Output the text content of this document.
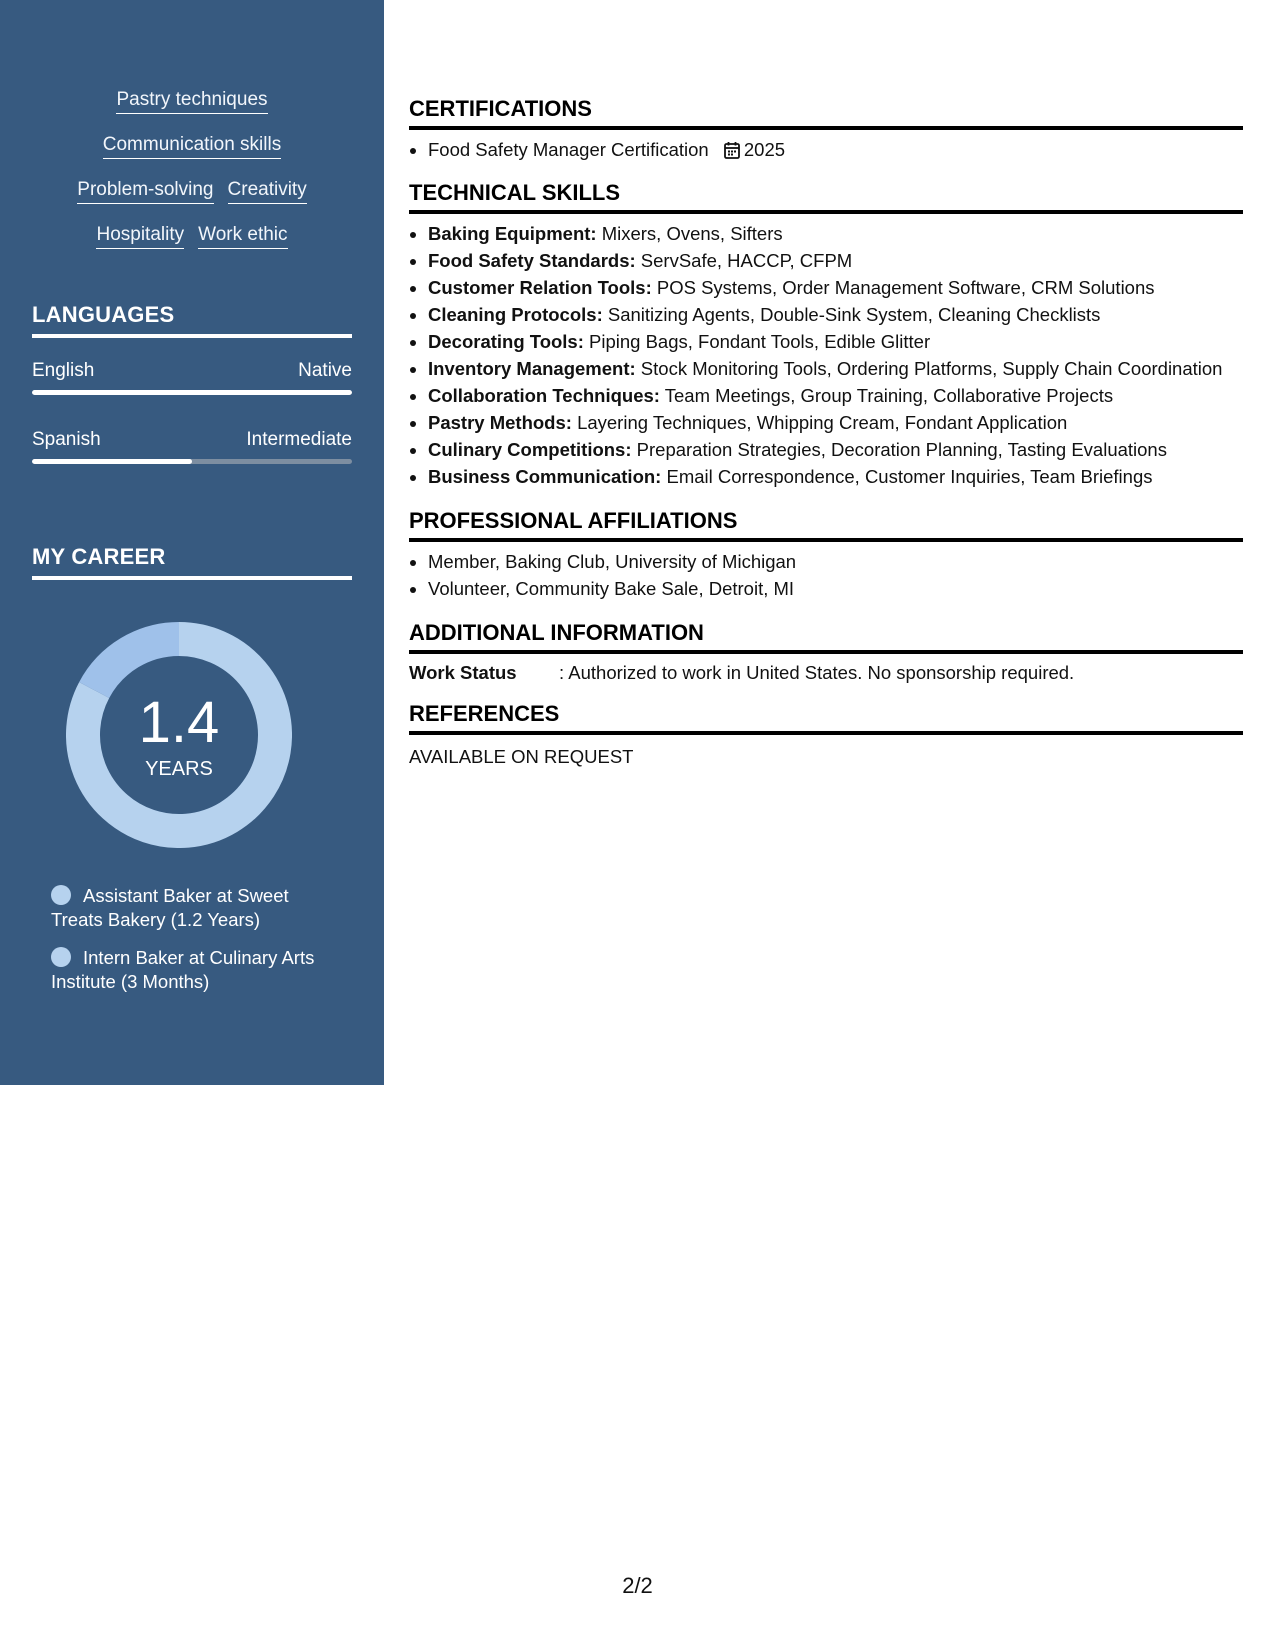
Pastry techniques
Communication skills
Problem-solving Creativity
Hospitality Work ethic
LANGUAGES
English	Native
Spanish	Intermediate
MY CAREER
1.4
YEARS
Assistant Baker at Sweet Treats Bakery (1.2 Years)
Intern Baker at Culinary Arts Institute (3 Months)
CERTIFICATIONS
• Food Safety Manager Certification 2025
TECHNICAL SKILLS
• Baking Equipment: Mixers, Ovens, Sifters
• Food Safety Standards: ServSafe, HACCP, CFPM
• Customer Relation Tools: POS Systems, Order Management Software, CRM Solutions
• Cleaning Protocols: Sanitizing Agents, Double-Sink System, Cleaning Checklists
• Decorating Tools: Piping Bags, Fondant Tools, Edible Glitter
• Inventory Management: Stock Monitoring Tools, Ordering Platforms, Supply Chain Coordination
• Collaboration Techniques: Team Meetings, Group Training, Collaborative Projects
• Pastry Methods: Layering Techniques, Whipping Cream, Fondant Application
• Culinary Competitions: Preparation Strategies, Decoration Planning, Tasting Evaluations
• Business Communication: Email Correspondence, Customer Inquiries, Team Briefings
PROFESSIONAL AFFILIATIONS
• Member, Baking Club, University of Michigan
• Volunteer, Community Bake Sale, Detroit, MI
ADDITIONAL INFORMATION
Work Status	: Authorized to work in United States. No sponsorship required.
REFERENCES
AVAILABLE ON REQUEST
2/2
